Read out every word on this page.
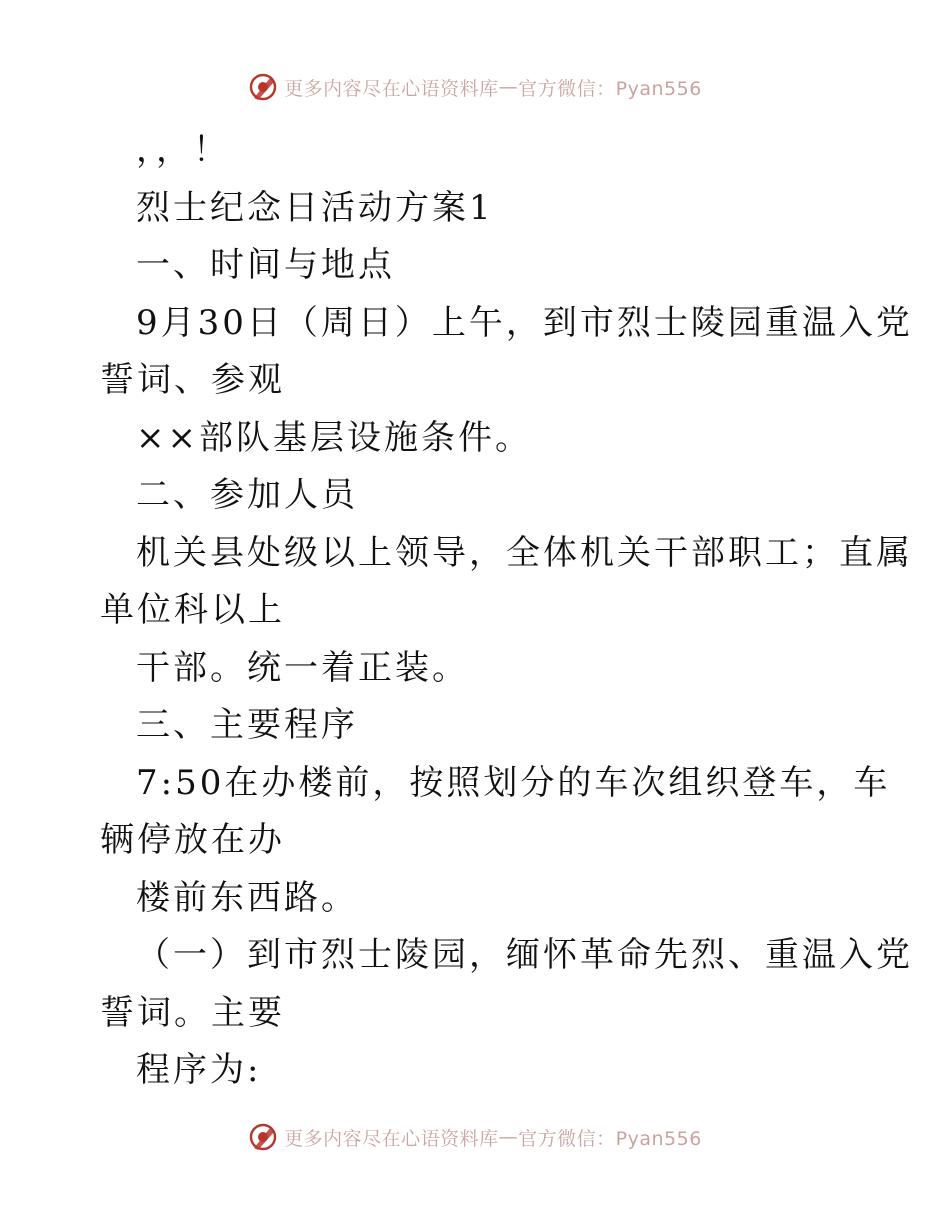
更多内容尽在心语资料库 — 官方微信：Pyan556
，，！
烈士纪念日活动方案1
一、时间与地点
9月30日（周日）上午，到市烈士陵园重温入党
誓词、参观
××部队基层设施条件。
二、参加人员
机关县处级以上领导，全体机关干部职工；直属
单位科以上
干部。统一着正装。
三、主要程序
7:50在办楼前，按照划分的车次组织登车，车
辆停放在办
楼前东西路。
（一）到市烈士陵园，缅怀革命先烈、重温入党
誓词。主要
程序为:
更多内容尽在心语资料库 — 官方微信：Pyan556
